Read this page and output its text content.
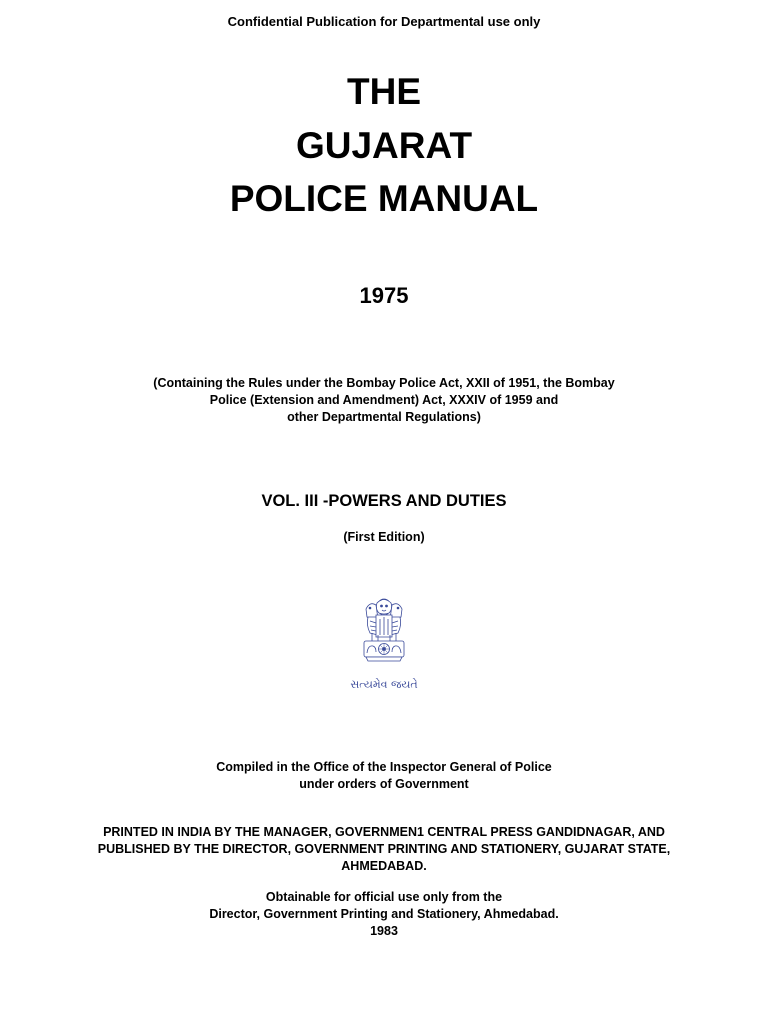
Confidential Publication for Departmental use only
THE
GUJARAT
POLICE MANUAL
1975
(Containing the Rules under the Bombay Police Act, XXII of 1951, the Bombay
Police (Extension and Amendment) Act, XXXIV of 1959 and
other Departmental Regulations)
VOL. III -POWERS AND DUTIES
(First Edition)
સત્યમેવ જયતે
Compiled in the Office of the Inspector General of Police
under orders of Government
PRINTED IN INDIA BY THE MANAGER, GOVERNMEN1 CENTRAL PRESS GANDIDNAGAR, AND
PUBLISHED BY THE DIRECTOR, GOVERNMENT PRINTING AND STATIONERY, GUJARAT STATE,
AHMEDABAD.
Obtainable for official use only from the
Director, Government Printing and Stationery, Ahmedabad.
1983
